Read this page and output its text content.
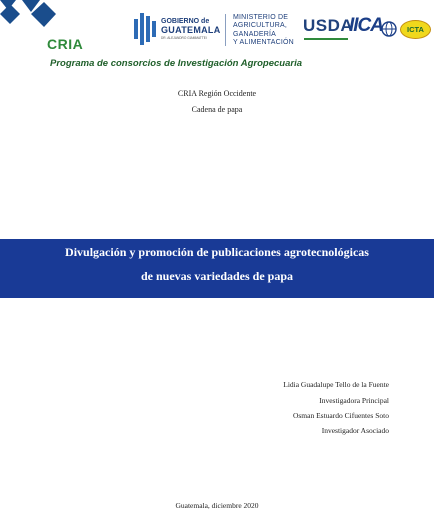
CRIA
Programa de consorcios de Investigación Agropecuaria
GOBIERNO de
GUATEMALA
DR. ALEJANDRO GIAMMATTEI
MINISTERIO DE
AGRICULTURA,
GANADERÍA
Y ALIMENTACIÓN
USDA
IICA	ICTA
CRIA Región Occidente
Cadena de papa
Divulgación y promoción de publicaciones agrotecnológicas
de nuevas variedades de papa
Lidia Guadalupe Tello de la Fuente
Investigadora Principal
Osman Estuardo Cifuentes Soto
Investigador Asociado
Guatemala, diciembre 2020
